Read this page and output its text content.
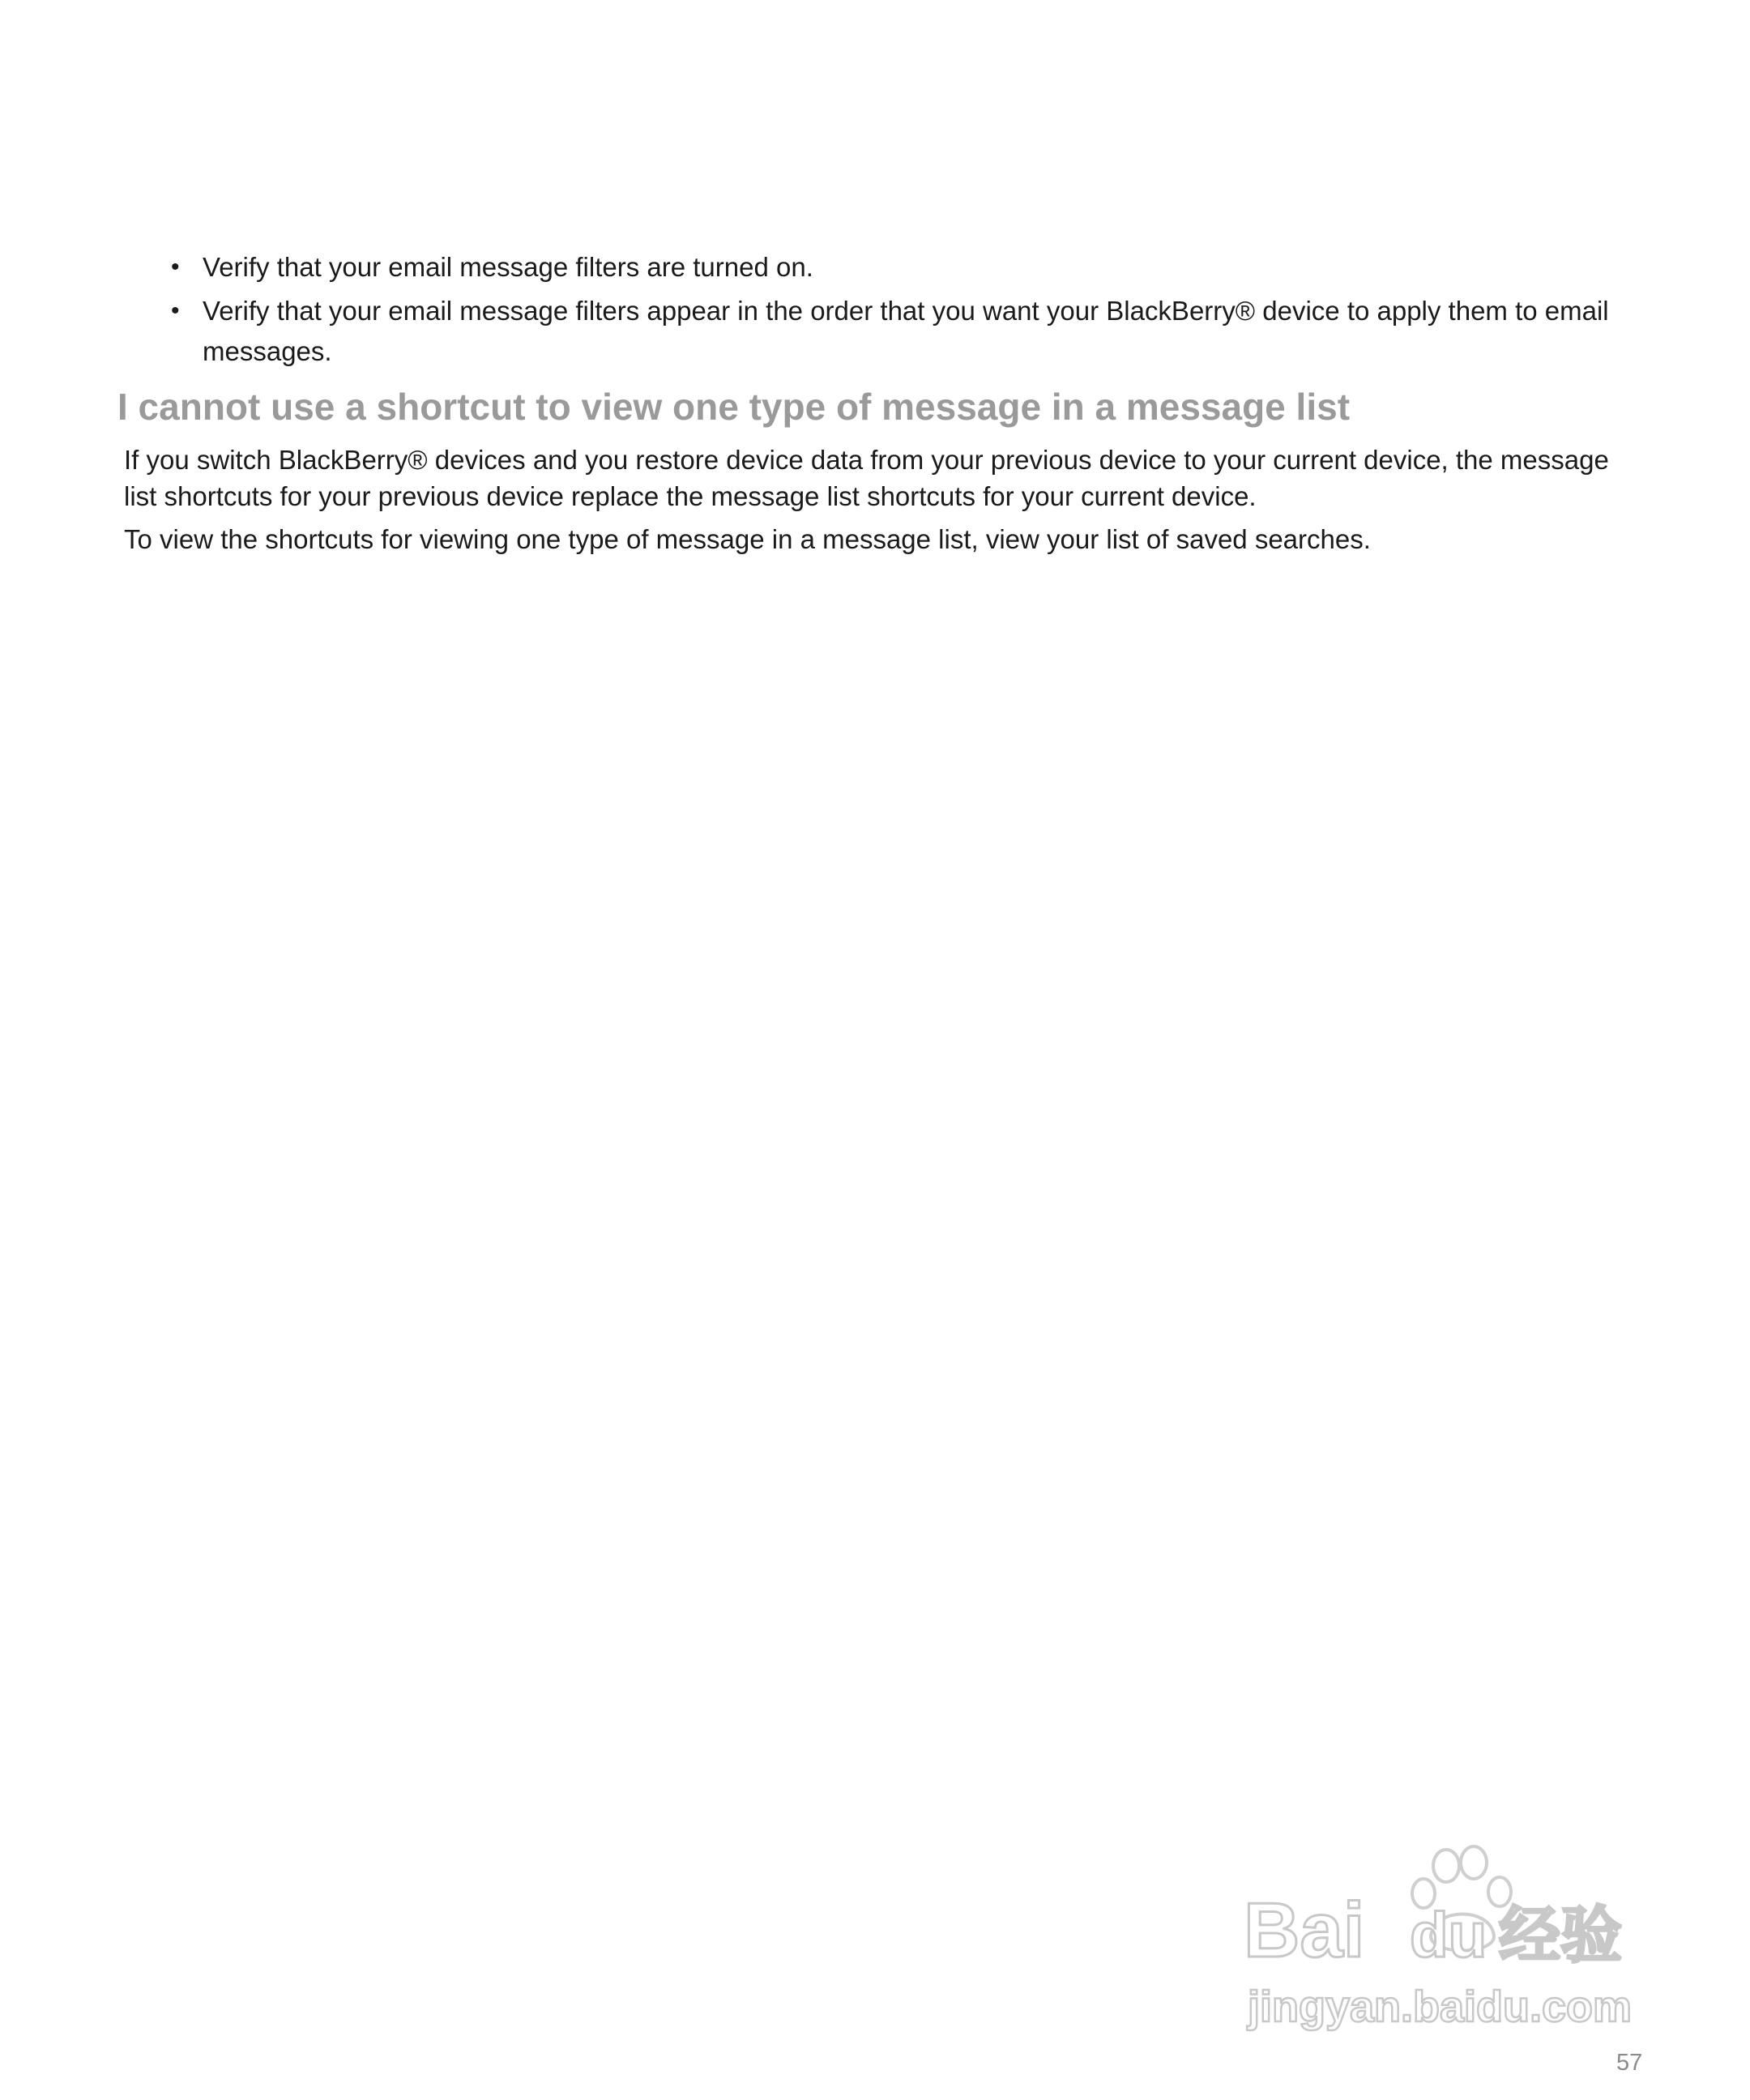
• Verify that your email message filters are turned on.
• Verify that your email message filters appear in the order that you want your BlackBerry® device to apply them to email messages.
I cannot use a shortcut to view one type of message in a message list

If you switch BlackBerry® devices and you restore device data from your previous device to your current device, the message list shortcuts for your previous device replace the message list shortcuts for your current device.

To view the shortcuts for viewing one type of message in a message list, view your list of saved searches.

Bai du 经验
jingyan.baidu.com
57
